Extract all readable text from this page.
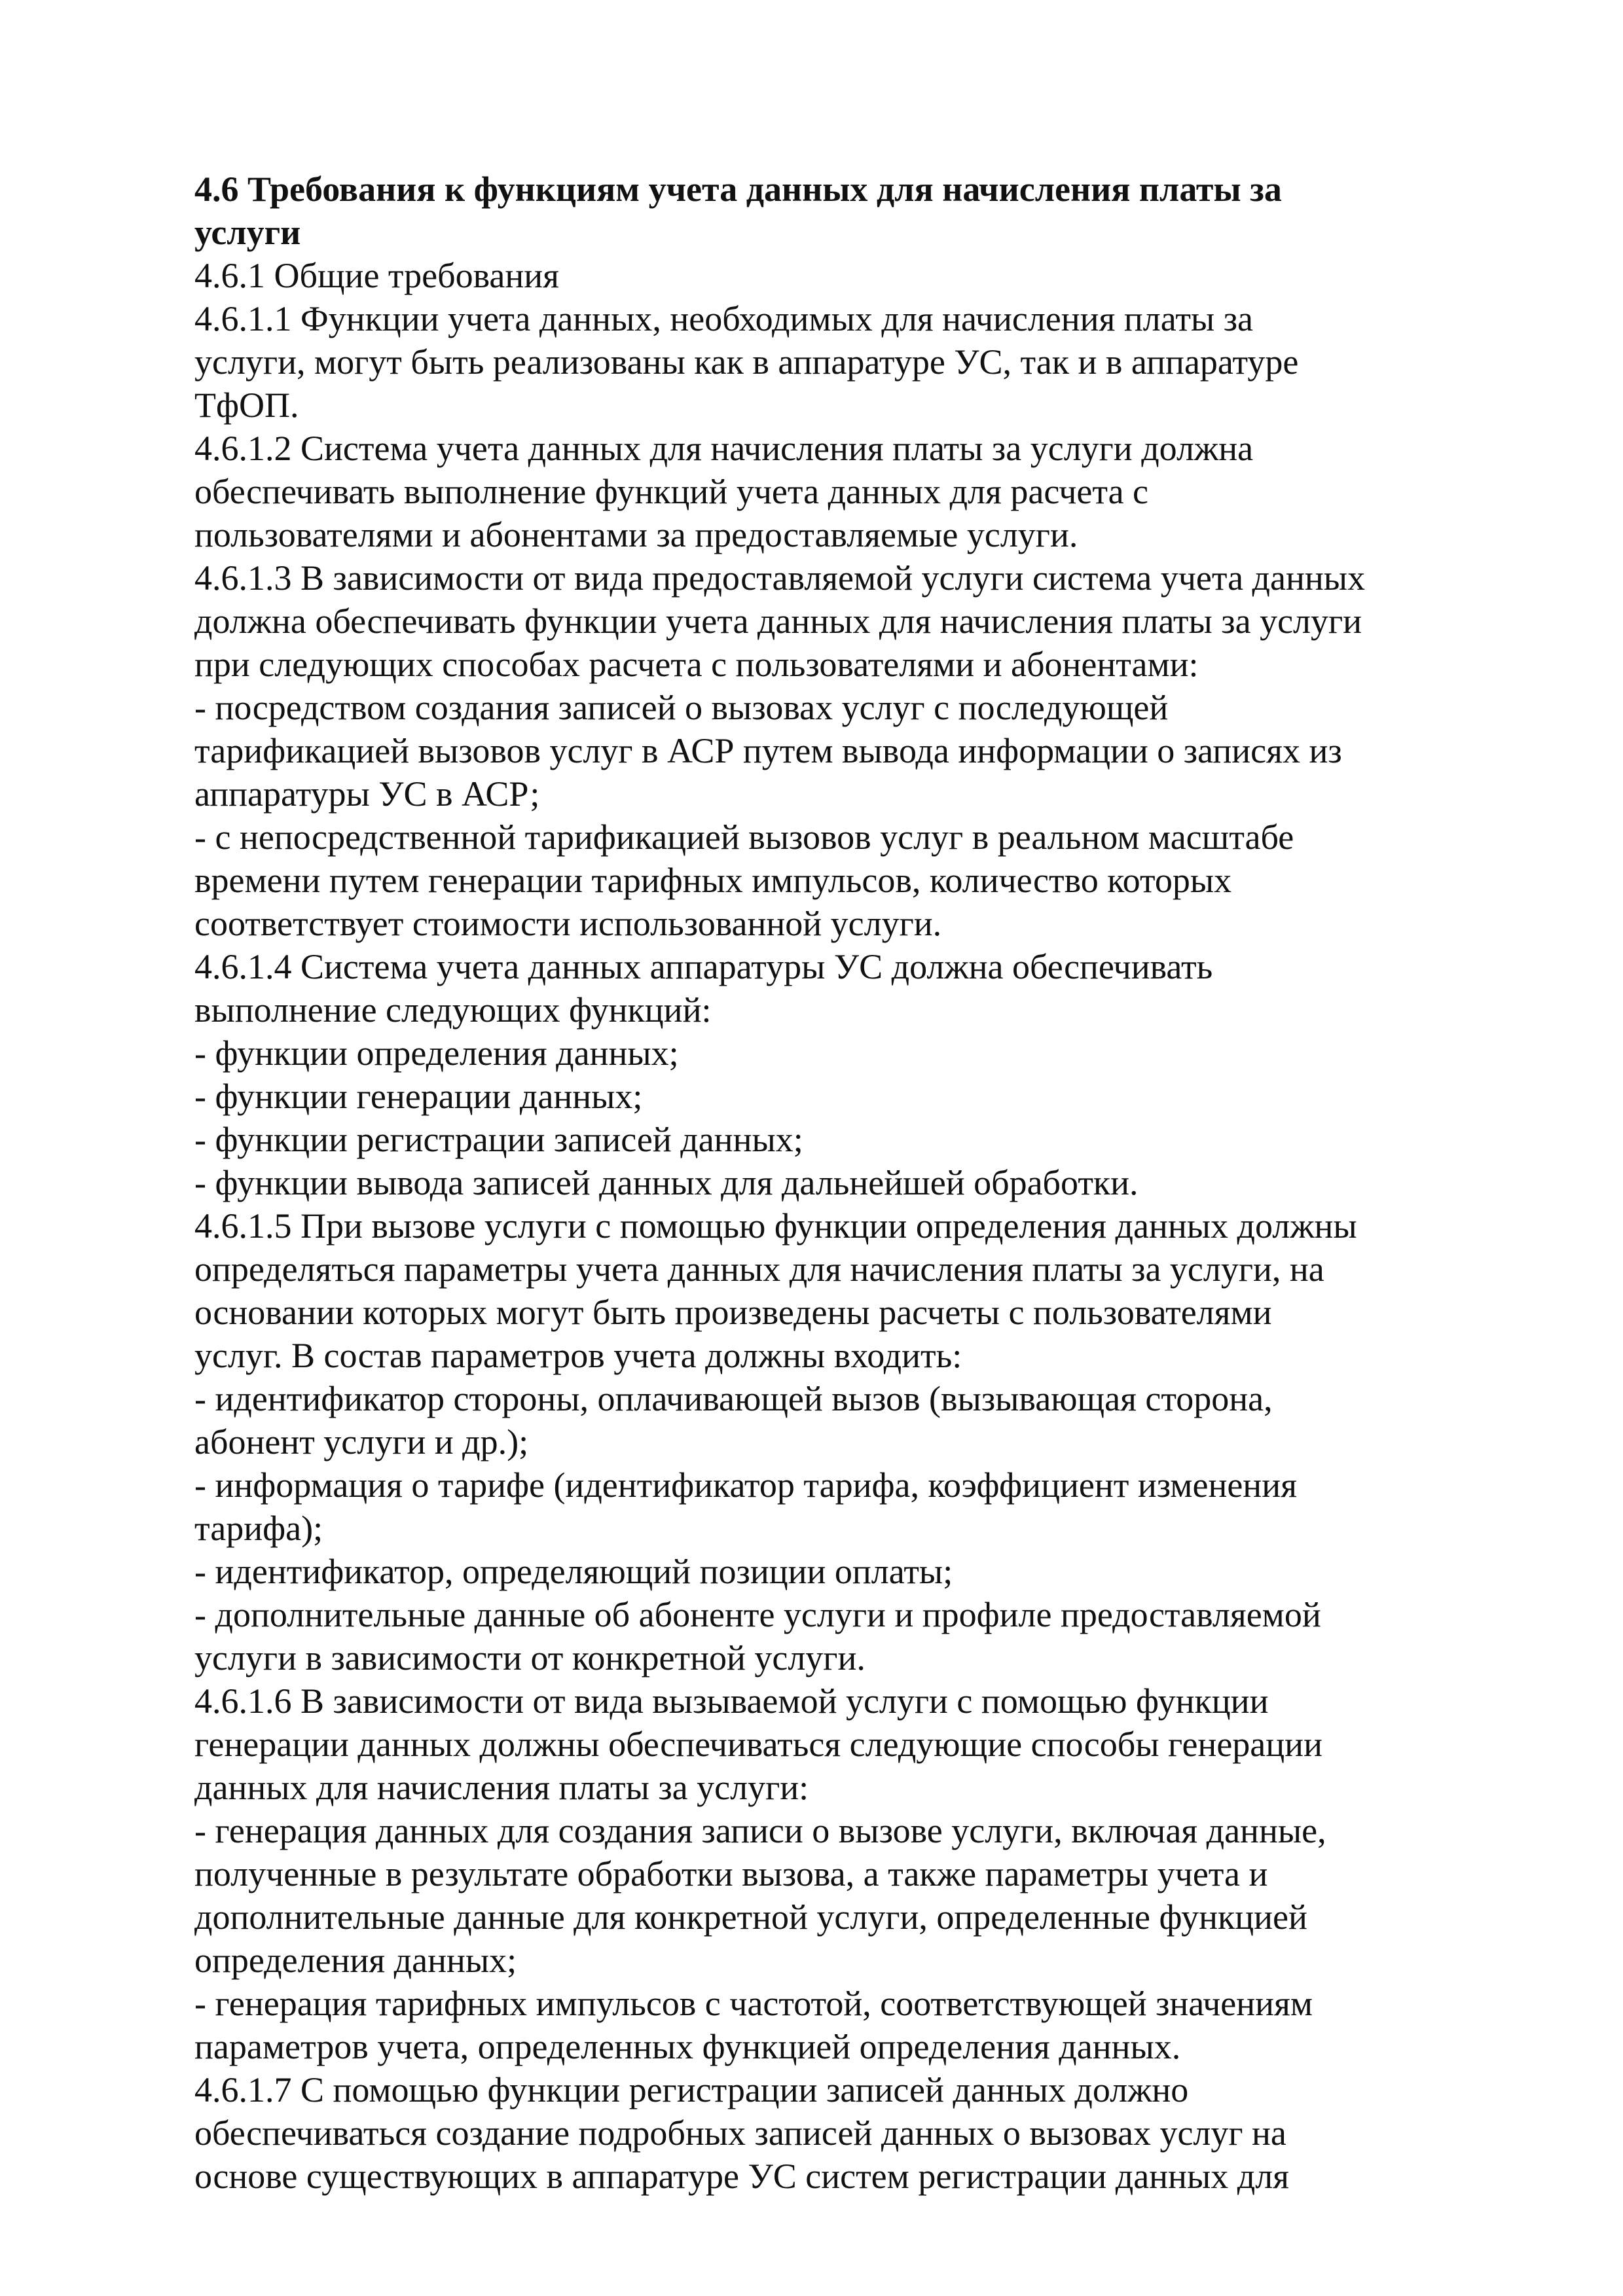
4.6 Требования к функциям учета данных для начисления платы за

услуги

4.6.1 Общие требования

4.6.1.1 Функции учета данных, необходимых для начисления платы за

услуги, могут быть реализованы как в аппаратуре УС, так и в аппаратуре

ТфОП.

4.6.1.2 Система учета данных для начисления платы за услуги должна

обеспечивать выполнение функций учета данных для расчета с

пользователями и абонентами за предоставляемые услуги.

4.6.1.3 В зависимости от вида предоставляемой услуги система учета данных

должна обеспечивать функции учета данных для начисления платы за услуги

при следующих способах расчета с пользователями и абонентами:

- посредством создания записей о вызовах услуг с последующей

тарификацией вызовов услуг в АСР путем вывода информации о записях из

аппаратуры УС в АСР;

- с непосредственной тарификацией вызовов услуг в реальном масштабе

времени путем генерации тарифных импульсов, количество которых

соответствует стоимости использованной услуги.

4.6.1.4 Система учета данных аппаратуры УС должна обеспечивать

выполнение следующих функций:

- функции определения данных;

- функции генерации данных;

- функции регистрации записей данных;

- функции вывода записей данных для дальнейшей обработки.

4.6.1.5 При вызове услуги с помощью функции определения данных должны

определяться параметры учета данных для начисления платы за услуги, на

основании которых могут быть произведены расчеты с пользователями

услуг. В состав параметров учета должны входить:

- идентификатор стороны, оплачивающей вызов (вызывающая сторона,

абонент услуги и др.);

- информация о тарифе (идентификатор тарифа, коэффициент изменения

тарифа);

- идентификатор, определяющий позиции оплаты;

- дополнительные данные об абоненте услуги и профиле предоставляемой

услуги в зависимости от конкретной услуги.

4.6.1.6 В зависимости от вида вызываемой услуги с помощью функции

генерации данных должны обеспечиваться следующие способы генерации

данных для начисления платы за услуги:

- генерация данных для создания записи о вызове услуги, включая данные,

полученные в результате обработки вызова, а также параметры учета и

дополнительные данные для конкретной услуги, определенные функцией

определения данных;

- генерация тарифных импульсов с частотой, соответствующей значениям

параметров учета, определенных функцией определения данных.

4.6.1.7 С помощью функции регистрации записей данных должно

обеспечиваться создание подробных записей данных о вызовах услуг на

основе существующих в аппаратуре УС систем регистрации данных для
